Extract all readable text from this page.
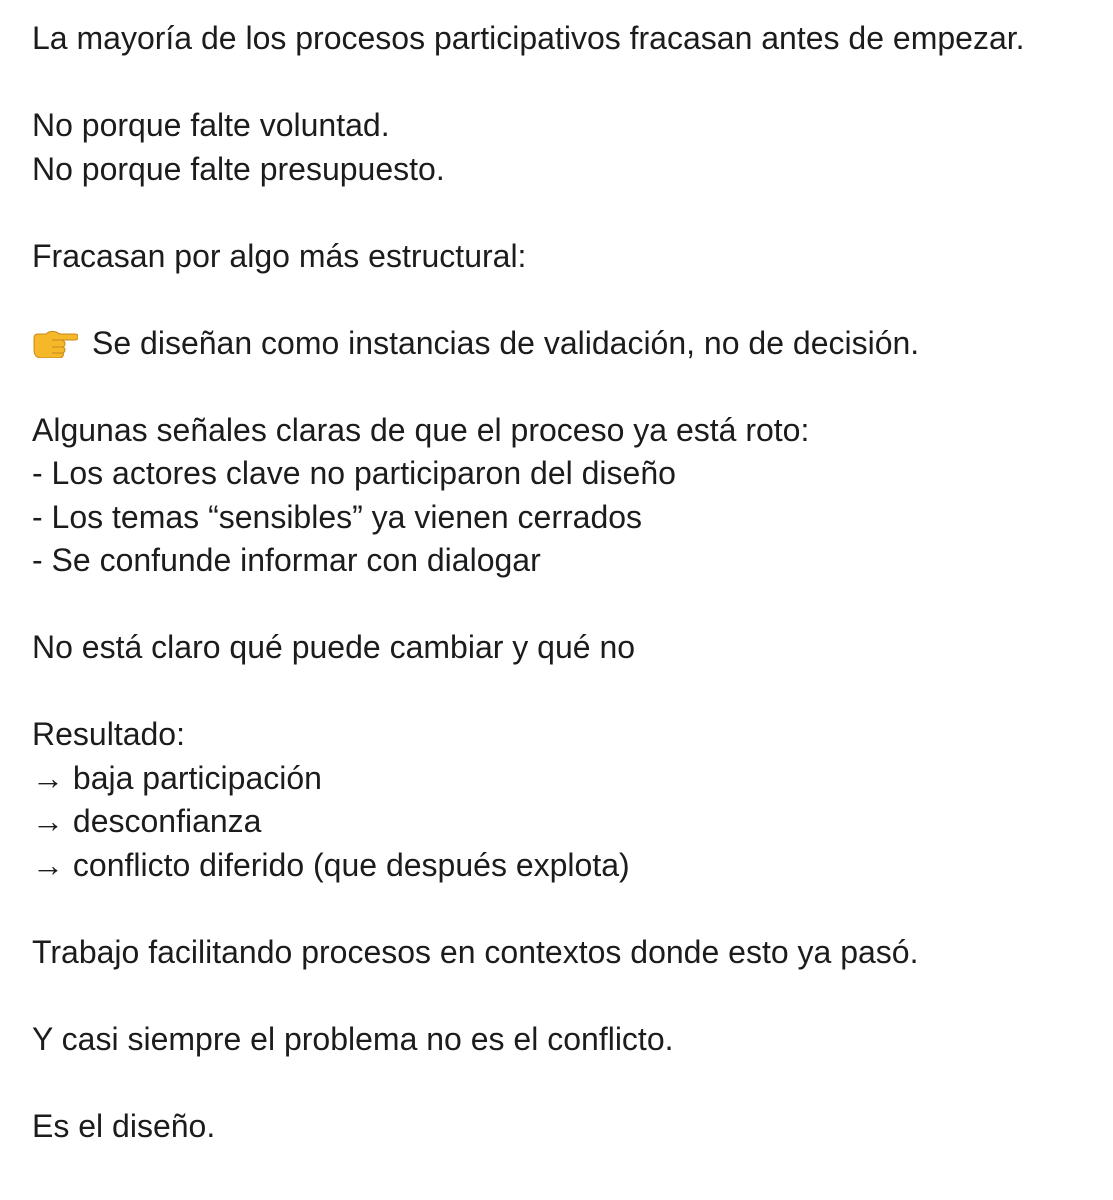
La mayoría de los procesos participativos fracasan antes de empezar.
No porque falte voluntad.
No porque falte presupuesto.
Fracasan por algo más estructural:
Se diseñan como instancias de validación, no de decisión.
Algunas señales claras de que el proceso ya está roto:
- Los actores clave no participaron del diseño
- Los temas “sensibles” ya vienen cerrados
- Se confunde informar con dialogar
No está claro qué puede cambiar y qué no
Resultado:
→ baja participación
→ desconfianza
→ conflicto diferido (que después explota)
Trabajo facilitando procesos en contextos donde esto ya pasó.
Y casi siempre el problema no es el conflicto.
Es el diseño.
